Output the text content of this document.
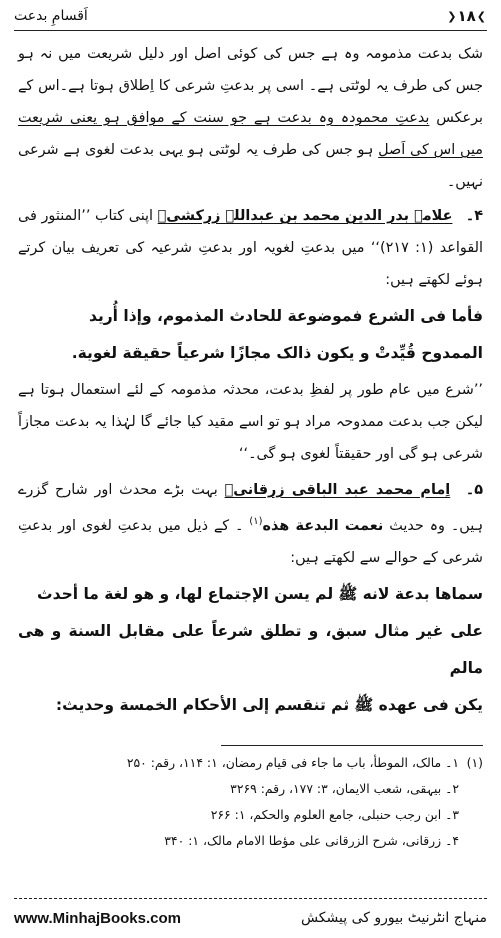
❯
۱۸
❮
اَقسامِ بدعت

شک بدعت مذمومہ وہ ہے جس کی کوئی اصل اور دلیل شریعت میں نہ ہو جس کی طرف یہ لوٹتی ہے۔ اسی پر بدعتِ شرعی کا اِطلاق ہوتا ہے۔اس کے برعکس بدعتِ محمودہ وہ بدعت ہے جو سنت کے موافق ہو یعنی شریعت میں اس کی اَصل ہو جس کی طرف یہ لوٹتی ہو یہی بدعت لغوی ہے شرعی نہیں۔

۴۔ علامہ بدر الدین محمد بن عبداللہ زرکشیؒ اپنی کتاب ’’المنثور فی القواعد (۱: ۲۱۷)‘‘ میں بدعتِ لغویہ اور بدعتِ شرعیہ کی تعریف بیان کرتے ہوئے لکھتے ہیں:

فأما فى الشرع فموضوعة للحادث المذموم، وإذا أُريد
الممدوح قُيِّدتْ و يكون ذالک مجازًا شرعياً حقيقة لغوية.

’’شرع میں عام طور پر لفظِ بدعت، محدثہ مذمومہ کے لئے استعمال ہوتا ہے لیکن جب بدعت ممدوحہ مراد ہو تو اسے مقید کیا جائے گا لہٰذا یہ بدعت مجازاً شرعی ہو گی اور حقیقتاً لغوی ہو گی۔‘‘

۵۔ اِمام محمد عبد الباقی زرقانیؒ بہت بڑے محدث اور شارح گزرے ہیں۔ وہ حدیث نعمت البدعة هذه$^{(۱)}$ ۔ کے ذیل میں بدعتِ لغوی اور بدعتِ شرعی کے حوالے سے لکھتے ہیں:

سماها بدعة لانه ﷺ لم يسن الإجتماع لها، و هو لغة ما أحدث
على غير مثال سبق، و تطلق شرعاً على مقابل السنة و هى مالم
يكن فى عهده ﷺ ثم تنقسم إلى الأحكام الخمسة وحديث:
(۱)۱۔ مالک، الموطأ، باب ما جاء فی قیام رمضان، ۱: ۱۱۴، رقم: ۲۵۰
۲۔ بیہقی، شعب الایمان، ۳: ۱۷۷، رقم: ۳۲۶۹
۳۔ ابن رجب حنبلی، جامع العلوم والحکم، ۱: ۲۶۶
۴۔ زرقانی، شرح الزرقانی علی مؤطا الامام مالک، ۱: ۳۴۰
www.MinhajBooks.com	منہاج انٹرنیٹ بیورو کی پیشکش
